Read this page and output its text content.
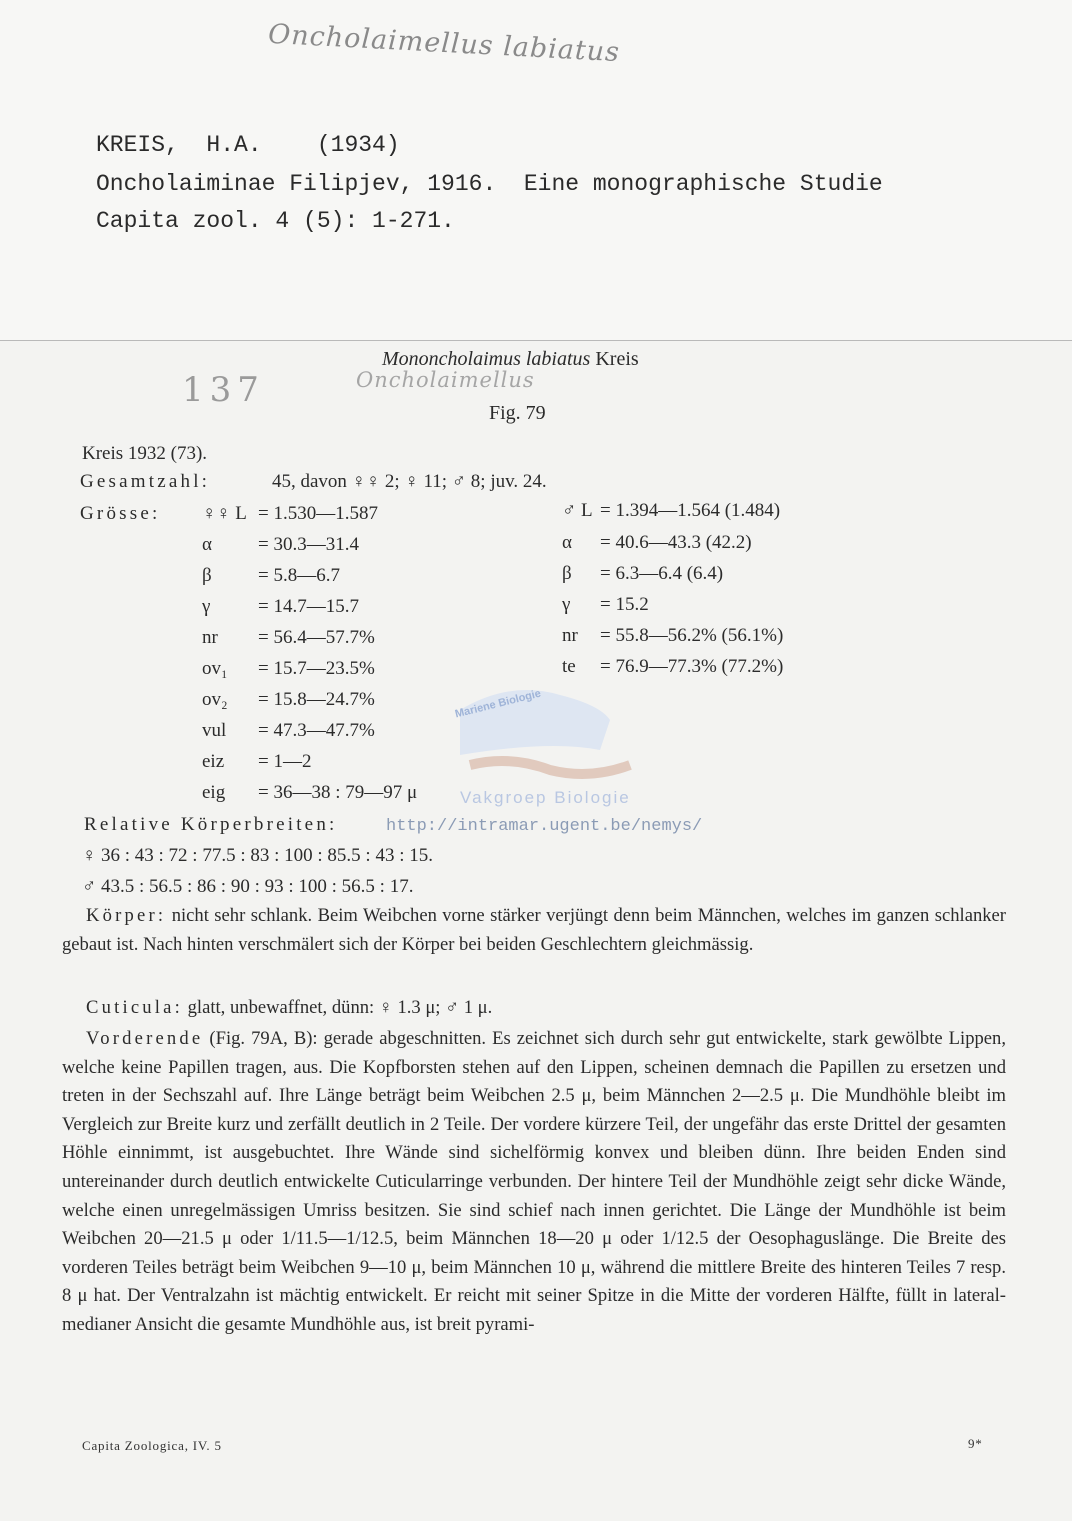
Oncholaimellus labiatus
KREIS,  H.A.    (1934)
Oncholaiminae Filipjev, 1916.  Eine monographische Studie
Capita zool. 4 (5): 1-271.
137	Oncholaimellus
Mononcholaimus labiatus Kreis
Fig. 79
Kreis 1932 (73).
Gesamtzahl:	45, davon ♀♀ 2; ♀ 11; ♂ 8; juv. 24.
Grösse: ♀♀ L = 1.530—1.587
α = 30.3—31.4
β = 5.8—6.7
γ	= 14.7—15.7
nr = 56.4—57.7%
ov₁ = 15.7—23.5%
ov₂ = 15.8—24.7%
vul = 47.3—47.7%
eiz = 1—2
eig = 36—38 : 79—97 μ
♂ L = 1.394—1.564 (1.484)
α = 40.6—43.3 (42.2)
β = 6.3—6.4 (6.4)
γ = 15.2
nr = 55.8—56.2% (56.1%)
te = 76.9—77.3% (77.2%)
Mariene Biologie
Vakgroep Biologie
Relative Körperbreiten:	http://intramar.ugent.be/nemys/
♀ 36 : 43 : 72 : 77.5 : 83 : 100 : 85.5 : 43 : 15.
♂ 43.5 : 56.5 : 86 : 90 : 93 : 100 : 56.5 : 17.
Körper: nicht sehr schlank. Beim Weibchen vorne stärker verjüngt denn beim Männchen, welches im ganzen schlanker gebaut ist. Nach hinten verschmälert sich der Körper bei beiden Geschlechtern gleichmässig.
Cuticula: glatt, unbewaffnet, dünn: ♀ 1.3 μ; ♂ 1 μ.
Vorderende (Fig. 79A, B): gerade abgeschnitten. Es zeichnet sich durch sehr gut entwickelte, stark gewölbte Lippen, welche keine Papillen tragen, aus. Die Kopfborsten stehen auf den Lippen, scheinen demnach die Papillen zu ersetzen und treten in der Sechszahl auf. Ihre Länge beträgt beim Weibchen 2.5 μ, beim Männchen 2—2.5 μ. Die Mundhöhle bleibt im Vergleich zur Breite kurz und zerfällt deutlich in 2 Teile. Der vordere kürzere Teil, der ungefähr das erste Drittel der gesamten Höhle einnimmt, ist ausgebuchtet. Ihre Wände sind sichelförmig konvex und bleiben dünn. Ihre beiden Enden sind untereinander durch deutlich entwickelte Cuticularringe verbunden. Der hintere Teil der Mundhöhle zeigt sehr dicke Wände, welche einen unregelmässigen Umriss besitzen. Sie sind schief nach innen gerichtet. Die Länge der Mundhöhle ist beim Weibchen 20—21.5 μ oder 1/11.5—1/12.5, beim Männchen 18—20 μ oder 1/12.5 der Oesophaguslänge. Die Breite des vorderen Teiles beträgt beim Weibchen 9—10 μ, beim Männchen 10 μ, während die mittlere Breite des hinteren Teiles 7 resp. 8 μ hat. Der Ventralzahn ist mächtig entwickelt. Er reicht mit seiner Spitze in die Mitte der vorderen Hälfte, füllt in lateral-medianer Ansicht die gesamte Mundhöhle aus, ist breit pyrami-
Capita Zoologica, IV. 5	9*
